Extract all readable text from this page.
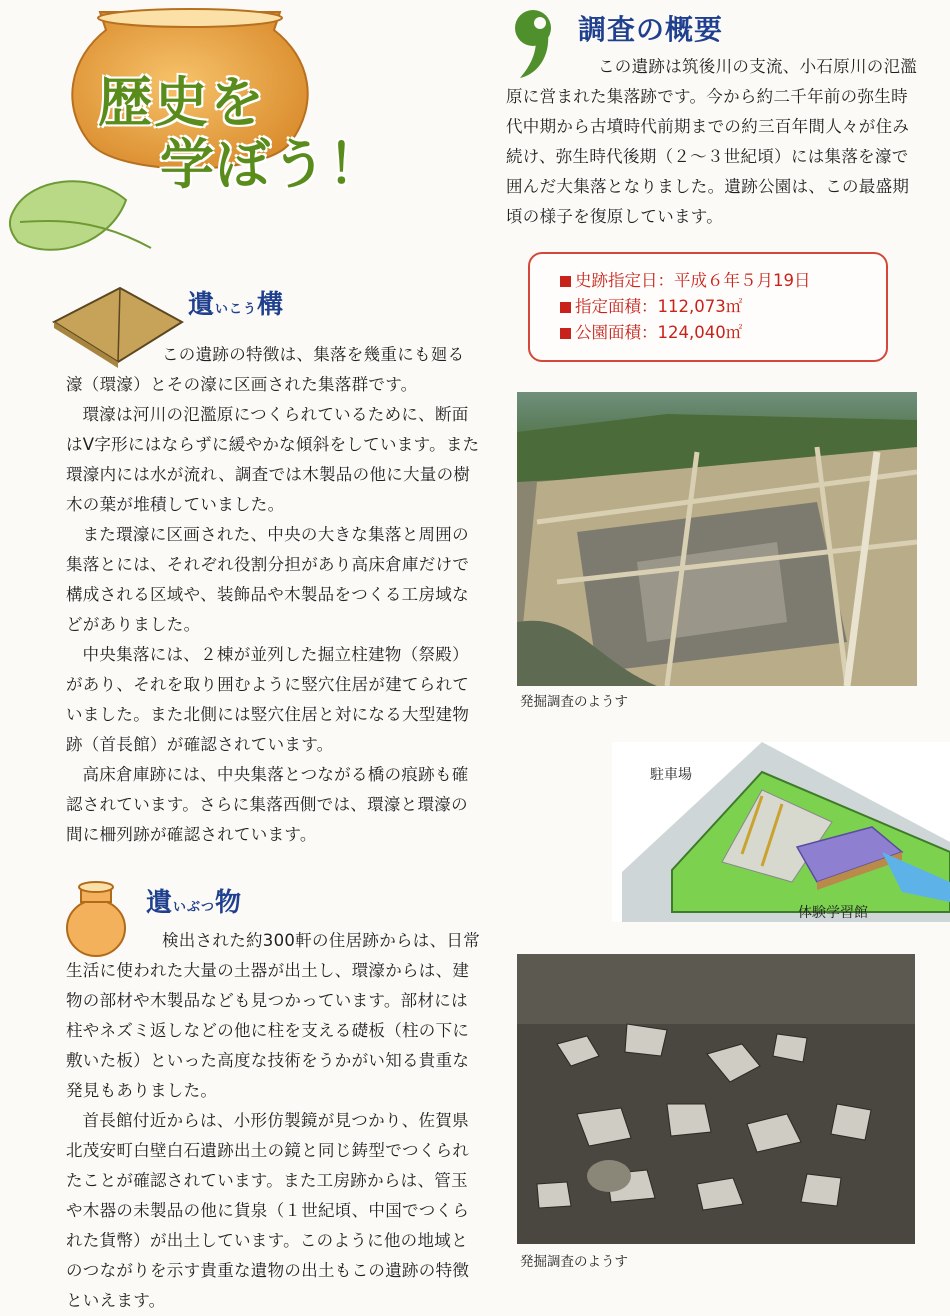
歴史を
学ぼう！
遺いこう構

この遺跡の特徴は、集落を幾重にも廻る濠（環濠）とその濠に区画された集落群です。

環濠は河川の氾濫原につくられているために、断面はV字形にはならずに緩やかな傾斜をしています。また環濠内には水が流れ、調査では木製品の他に大量の樹木の葉が堆積していました。

また環濠に区画された、中央の大きな集落と周囲の集落とには、それぞれ役割分担があり高床倉庫だけで構成される区域や、装飾品や木製品をつくる工房域などがありました。

中央集落には、２棟が並列した掘立柱建物（祭殿）があり、それを取り囲むように竪穴住居が建てられていました。また北側には竪穴住居と対になる大型建物跡（首長館）が確認されています。

高床倉庫跡には、中央集落とつながる橋の痕跡も確認されています。さらに集落西側では、環濠と環濠の間に柵列跡が確認されています。

遺いぶつ物

検出された約300軒の住居跡からは、日常生活に使われた大量の土器が出土し、環濠からは、建物の部材や木製品なども見つかっています。部材には柱やネズミ返しなどの他に柱を支える礎板（柱の下に敷いた板）といった高度な技術をうかがい知る貴重な発見もありました。

首長館付近からは、小形仿製鏡が見つかり、佐賀県北茂安町白壁白石遺跡出土の鏡と同じ鋳型でつくられたことが確認されています。また工房跡からは、管玉や木器の未製品の他に貨泉（１世紀頃、中国でつくられた貨幣）が出土しています。このように他の地域とのつながりを示す貴重な遺物の出土もこの遺跡の特徴といえます。

調査の概要

この遺跡は筑後川の支流、小石原川の氾濫原に営まれた集落跡です。今から約二千年前の弥生時代中期から古墳時代前期までの約三百年間人々が住み続け、弥生時代後期（２～３世紀頃）には集落を濠で囲んだ大集落となりました。遺跡公園は、この最盛期頃の様子を復原しています。

史跡指定日：平成６年５月19日
指定面積：112,073㎡
公園面積：124,040㎡
発掘調査のようす
駐車場
体験学習館
発掘調査のようす
